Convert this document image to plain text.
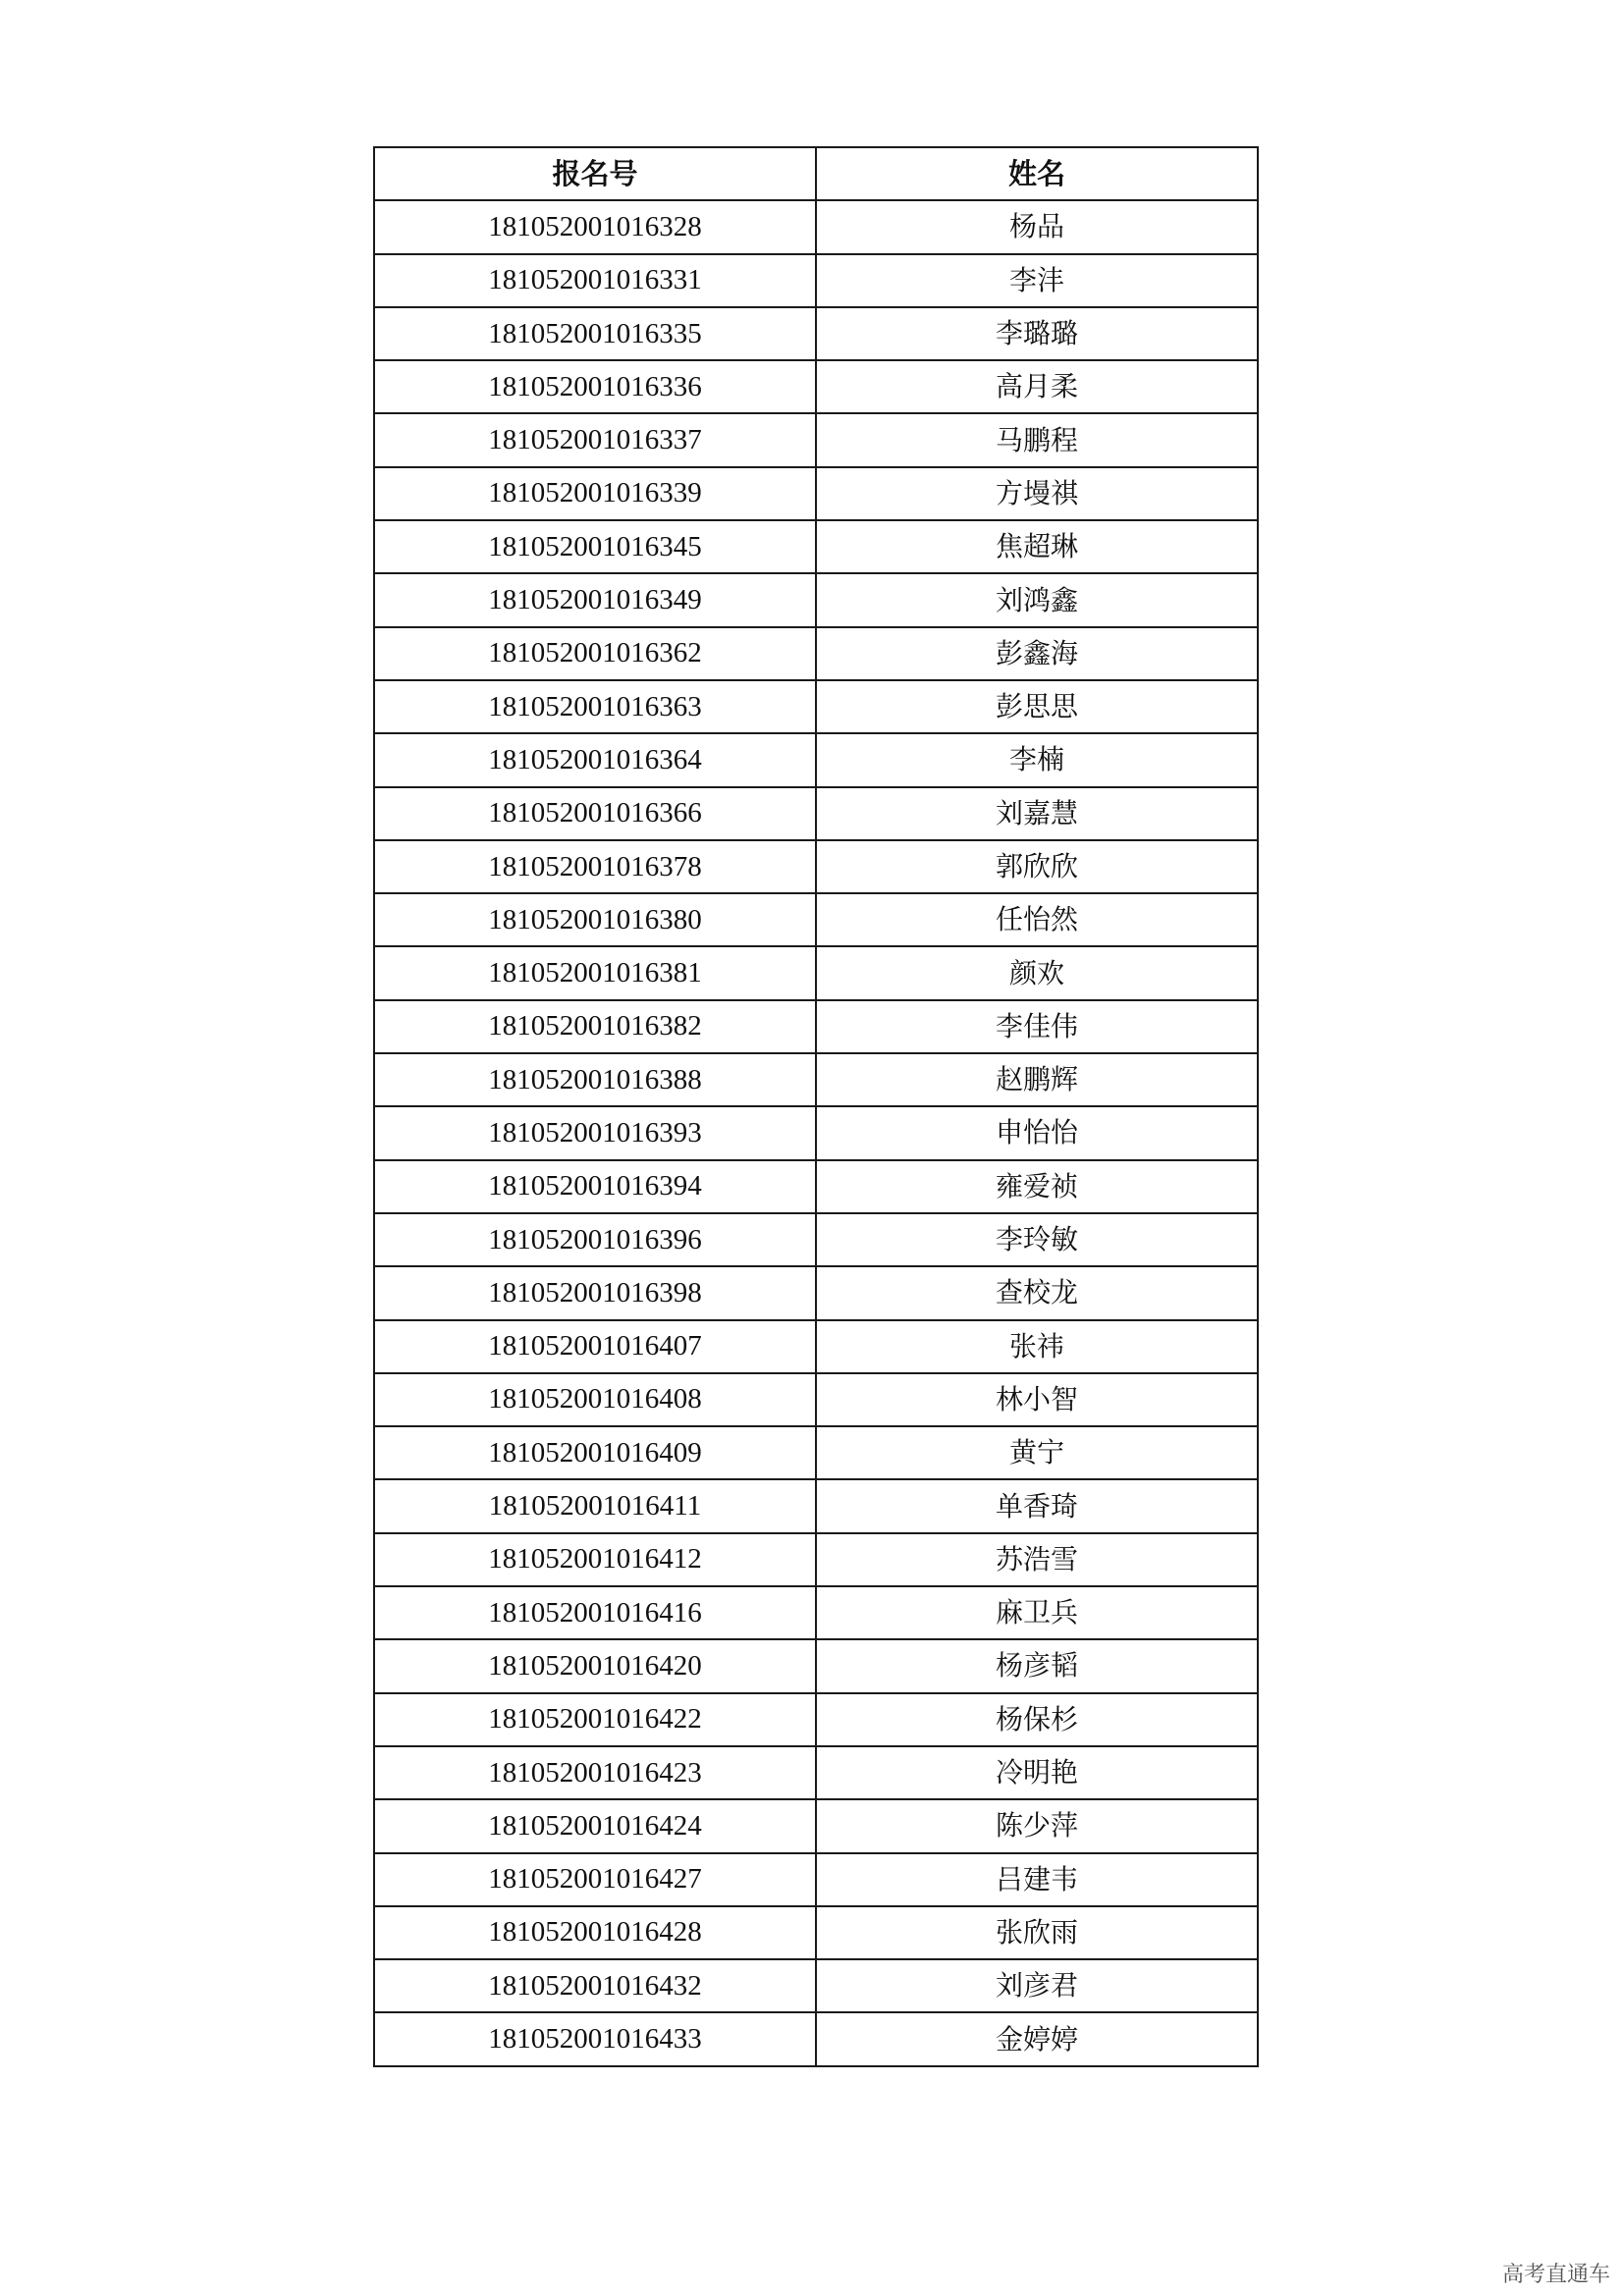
报名号	姓名
181052001016328	杨品
181052001016331	李沣
181052001016335	李璐璐
181052001016336	高月柔
181052001016337	马鹏程
181052001016339	方墁祺
181052001016345	焦超琳
181052001016349	刘鸿鑫
181052001016362	彭鑫海
181052001016363	彭思思
181052001016364	李楠
181052001016366	刘嘉慧
181052001016378	郭欣欣
181052001016380	任怡然
181052001016381	颜欢
181052001016382	李佳伟
181052001016388	赵鹏辉
181052001016393	申怡怡
181052001016394	雍爱祯
181052001016396	李玲敏
181052001016398	查校龙
181052001016407	张祎
181052001016408	林小智
181052001016409	黄宁
181052001016411	单香琦
181052001016412	苏浩雪
181052001016416	麻卫兵
181052001016420	杨彦韬
181052001016422	杨保杉
181052001016423	冷明艳
181052001016424	陈少萍
181052001016427	吕建韦
181052001016428	张欣雨
181052001016432	刘彦君
181052001016433	金婷婷
高考直通车
